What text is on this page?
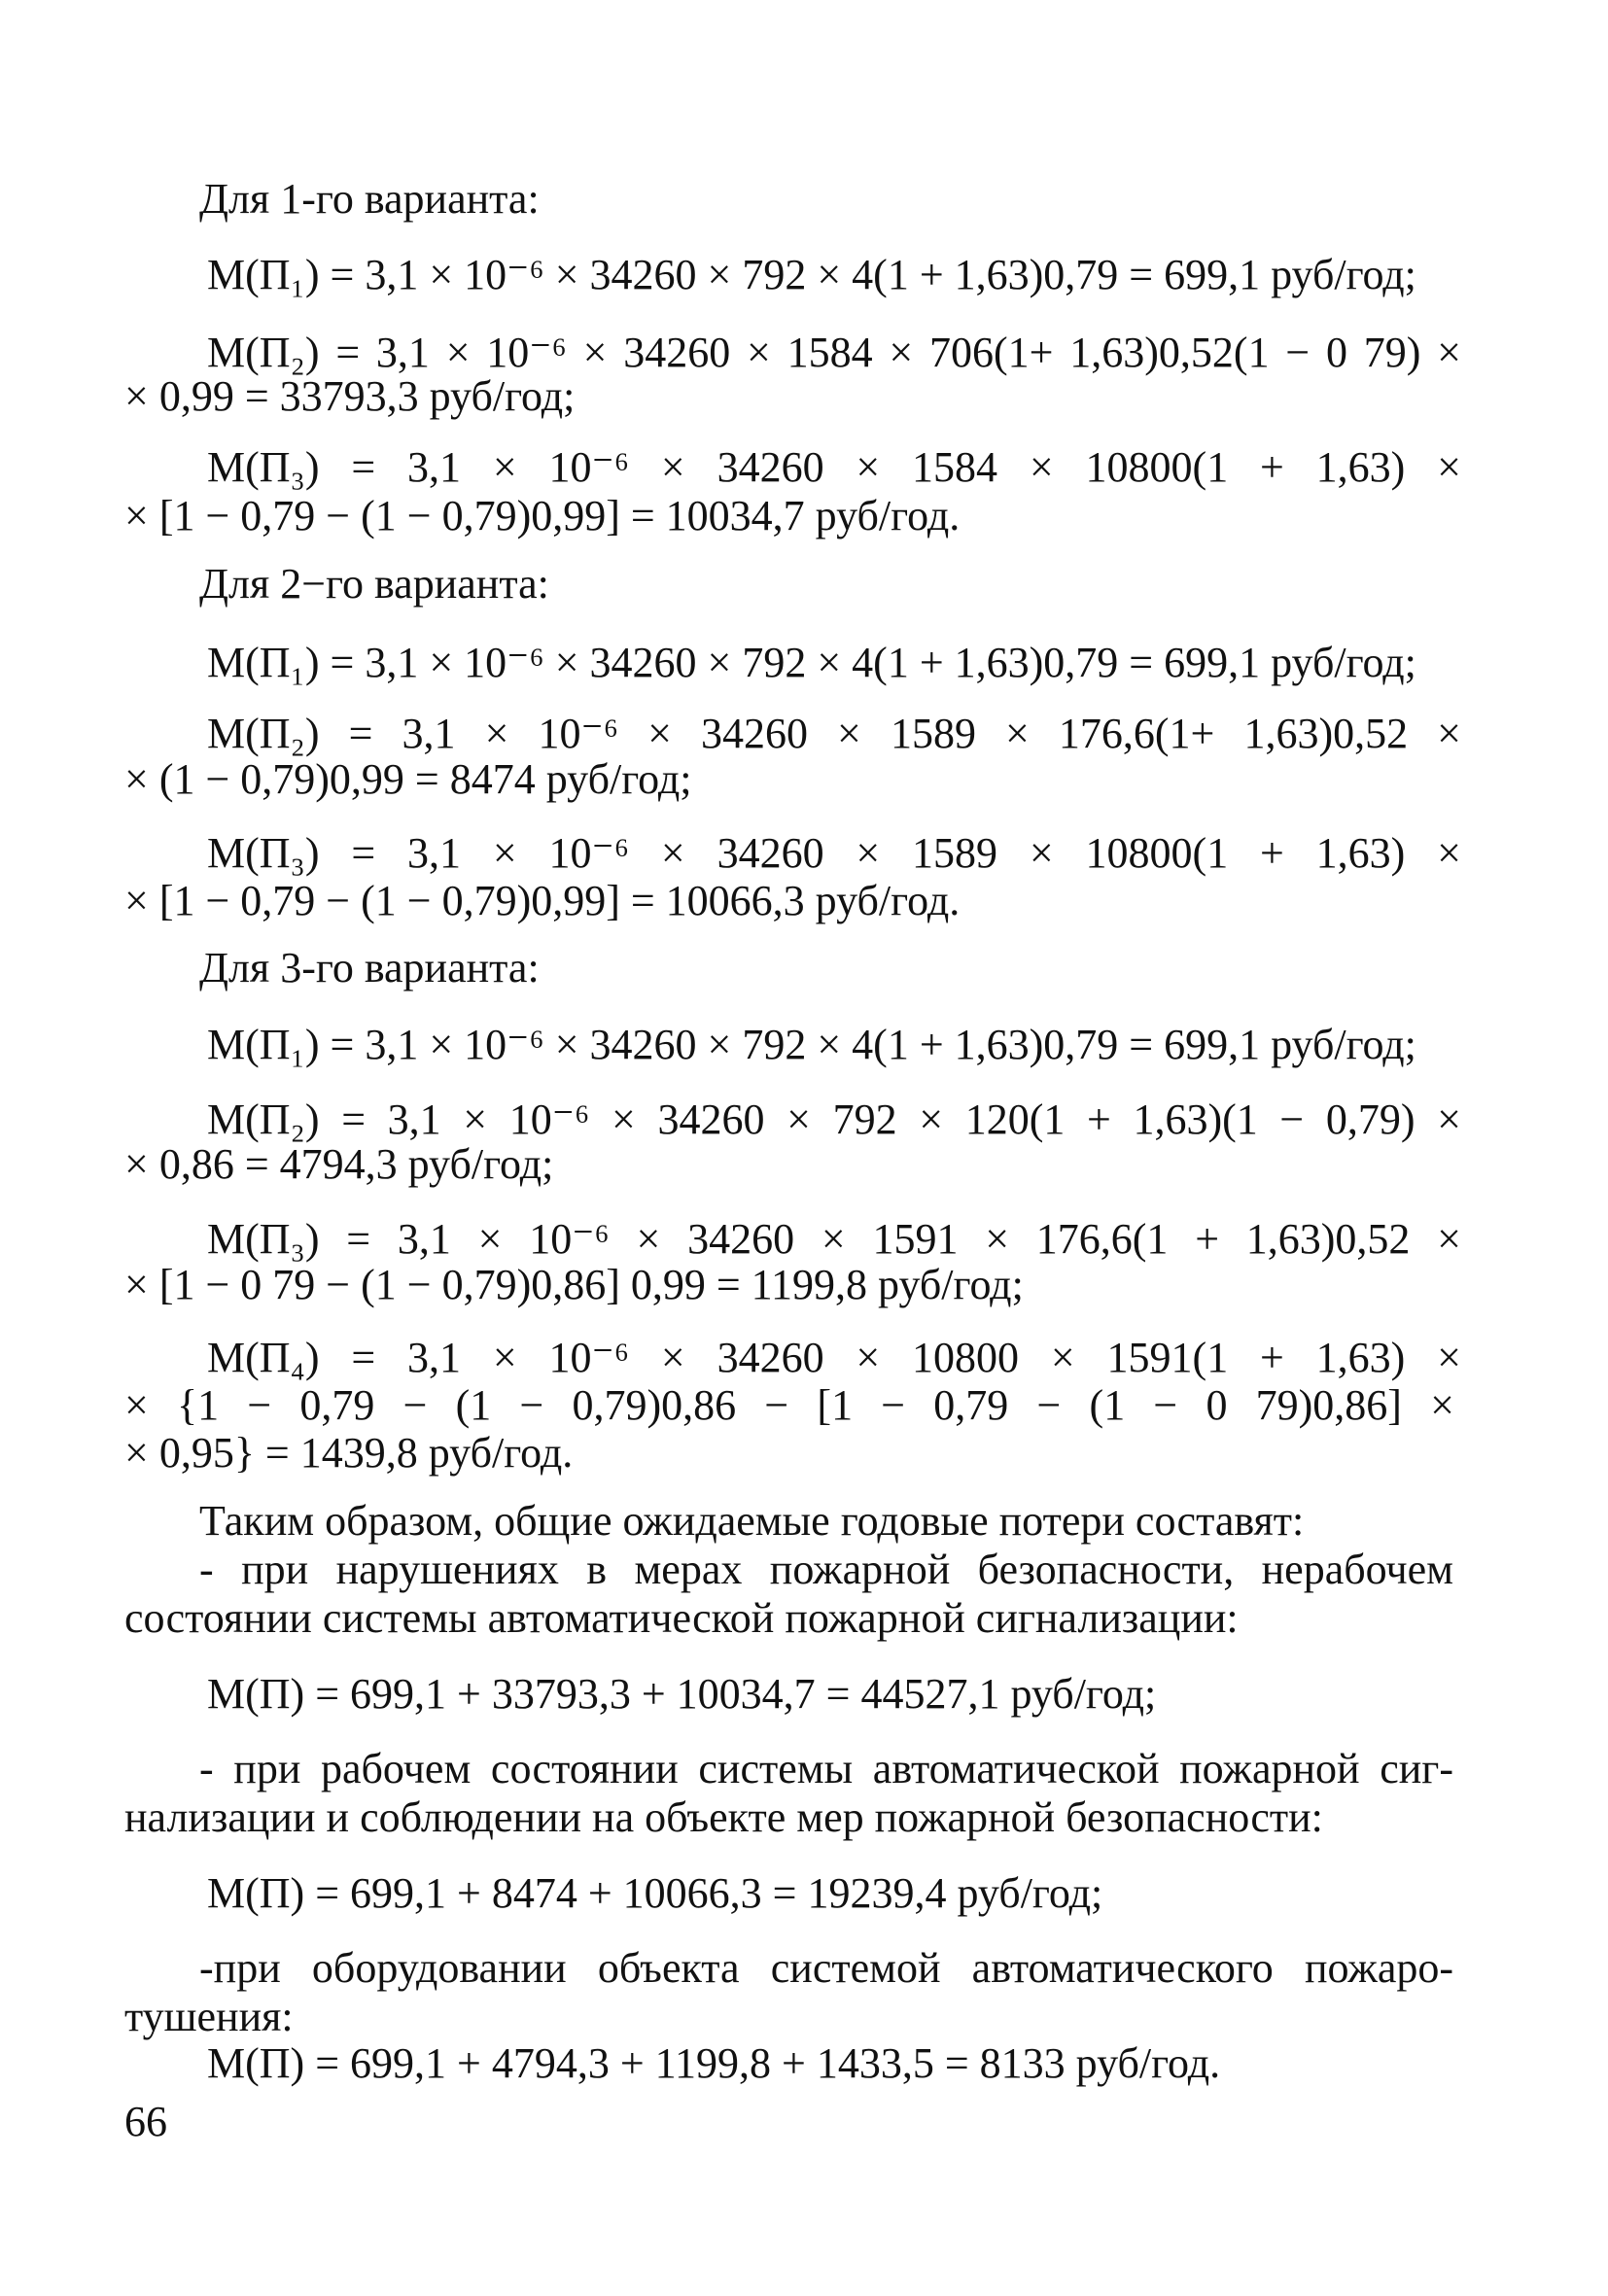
Для 1-го варианта:
М(П₁) = 3,1 × 10⁻⁶ × 34260 × 792 × 4(1 + 1,63)0,79 = 699,1 руб/год;
М(П₂) = 3,1 × 10⁻⁶ × 34260 × 1584 × 706(1+ 1,63)0,52(1 − 0 79) ×
× 0,99 = 33793,3 руб/год;
М(П₃) = 3,1 × 10⁻⁶ × 34260 × 1584 × 10800(1 + 1,63) ×
× [1 − 0,79 − (1 − 0,79)0,99] = 10034,7 руб/год.
Для 2−го варианта:
М(П₁) = 3,1 × 10⁻⁶ × 34260 × 792 × 4(1 + 1,63)0,79 = 699,1 руб/год;
М(П₂) = 3,1 × 10⁻⁶ × 34260 × 1589 × 176,6(1+ 1,63)0,52 ×
× (1 − 0,79)0,99 = 8474 руб/год;
М(П₃) = 3,1 × 10⁻⁶ × 34260 × 1589 × 10800(1 + 1,63) ×
× [1 − 0,79 − (1 − 0,79)0,99] = 10066,3 руб/год.
Для 3-го варианта:
М(П₁) = 3,1 × 10⁻⁶ × 34260 × 792 × 4(1 + 1,63)0,79 = 699,1 руб/год;
М(П₂) = 3,1 × 10⁻⁶ × 34260 × 792 × 120(1 + 1,63)(1 − 0,79) ×
× 0,86 = 4794,3 руб/год;
М(П₃) = 3,1 × 10⁻⁶ × 34260 × 1591 × 176,6(1 + 1,63)0,52 ×
× [1 − 0 79 − (1 − 0,79)0,86] 0,99 = 1199,8 руб/год;
М(П₄) = 3,1 × 10⁻⁶ × 34260 × 10800 × 1591(1 + 1,63) ×
× {1 − 0,79 − (1 − 0,79)0,86 − [1 − 0,79 − (1 − 0 79)0,86] ×
× 0,95} = 1439,8 руб/год.
Таким образом, общие ожидаемые годовые потери составят:
- при нарушениях в мерах пожарной безопасности, нерабочем
состоянии системы автоматической пожарной сигнализации:
М(П) = 699,1 + 33793,3 + 10034,7 = 44527,1 руб/год;
- при рабочем состоянии системы автоматической пожарной сиг-
нализации и соблюдении на объекте мер пожарной безопасности:
М(П) = 699,1 + 8474 + 10066,3 = 19239,4 руб/год;
-при оборудовании объекта системой автоматического пожаро-
тушения:
М(П) = 699,1 + 4794,3 + 1199,8 + 1433,5 = 8133 руб/год.
66
